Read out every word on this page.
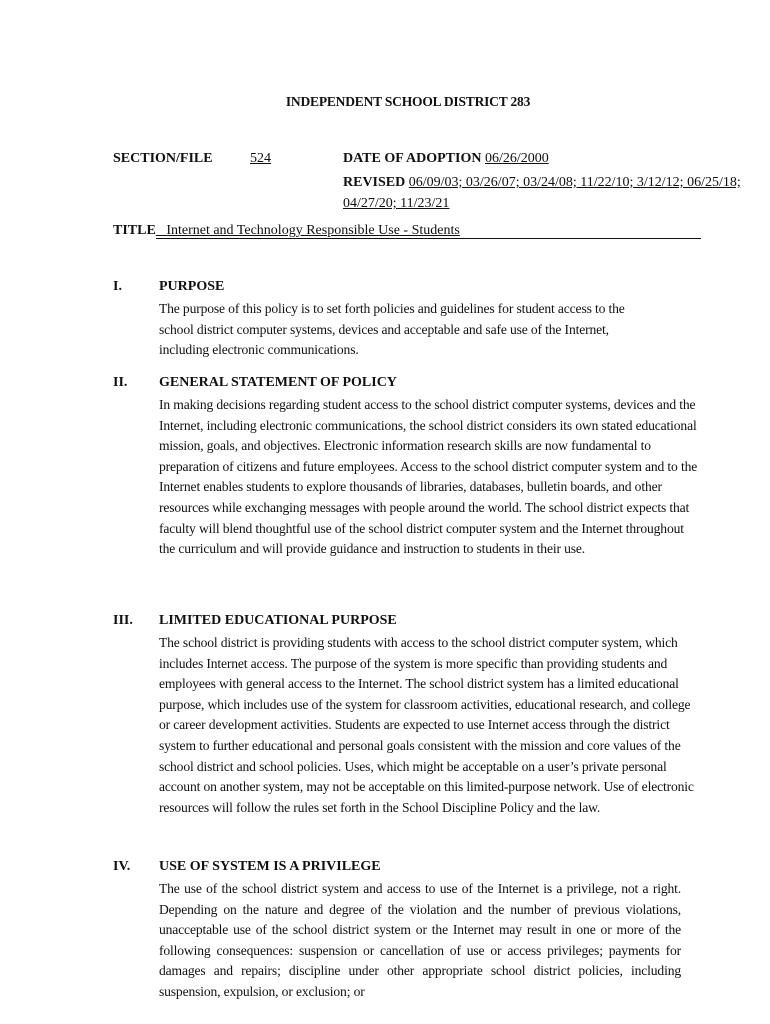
INDEPENDENT SCHOOL DISTRICT 283
SECTION/FILE	524	DATE OF ADOPTION 06/26/2000
REVISED 06/09/03; 03/26/07; 03/24/08; 11/22/10; 3/12/12; 06/25/18; 04/27/20; 11/23/21
TITLE Internet and Technology Responsible Use - Students
I.	PURPOSE
The purpose of this policy is to set forth policies and guidelines for student access to the school district computer systems, devices and acceptable and safe use of the Internet, including electronic communications.
II. GENERAL STATEMENT OF POLICY
In making decisions regarding student access to the school district computer systems, devices and the Internet, including electronic communications, the school district considers its own stated educational mission, goals, and objectives. Electronic information research skills are now fundamental to preparation of citizens and future employees. Access to the school district computer system and to the Internet enables students to explore thousands of libraries, databases, bulletin boards, and other resources while exchanging messages with people around the world. The school district expects that faculty will blend thoughtful use of the school district computer system and the Internet throughout the curriculum and will provide guidance and instruction to students in their use.
III. LIMITED EDUCATIONAL PURPOSE
The school district is providing students with access to the school district computer system, which includes Internet access. The purpose of the system is more specific than providing students and employees with general access to the Internet. The school district system has a limited educational purpose, which includes use of the system for classroom activities, educational research, and college or career development activities. Students are expected to use Internet access through the district system to further educational and personal goals consistent with the mission and core values of the school district and school policies. Uses, which might be acceptable on a user’s private personal account on another system, may not be acceptable on this limited-purpose network. Use of electronic resources will follow the rules set forth in the School Discipline Policy and the law.
IV. USE OF SYSTEM IS A PRIVILEGE
The use of the school district system and access to use of the Internet is a privilege, not a right. Depending on the nature and degree of the violation and the number of previous violations, unacceptable use of the school district system or the Internet may result in one or more of the following consequences: suspension or cancellation of use or access privileges; payments for damages and repairs; discipline under other appropriate school district policies, including suspension, expulsion, or exclusion; or
